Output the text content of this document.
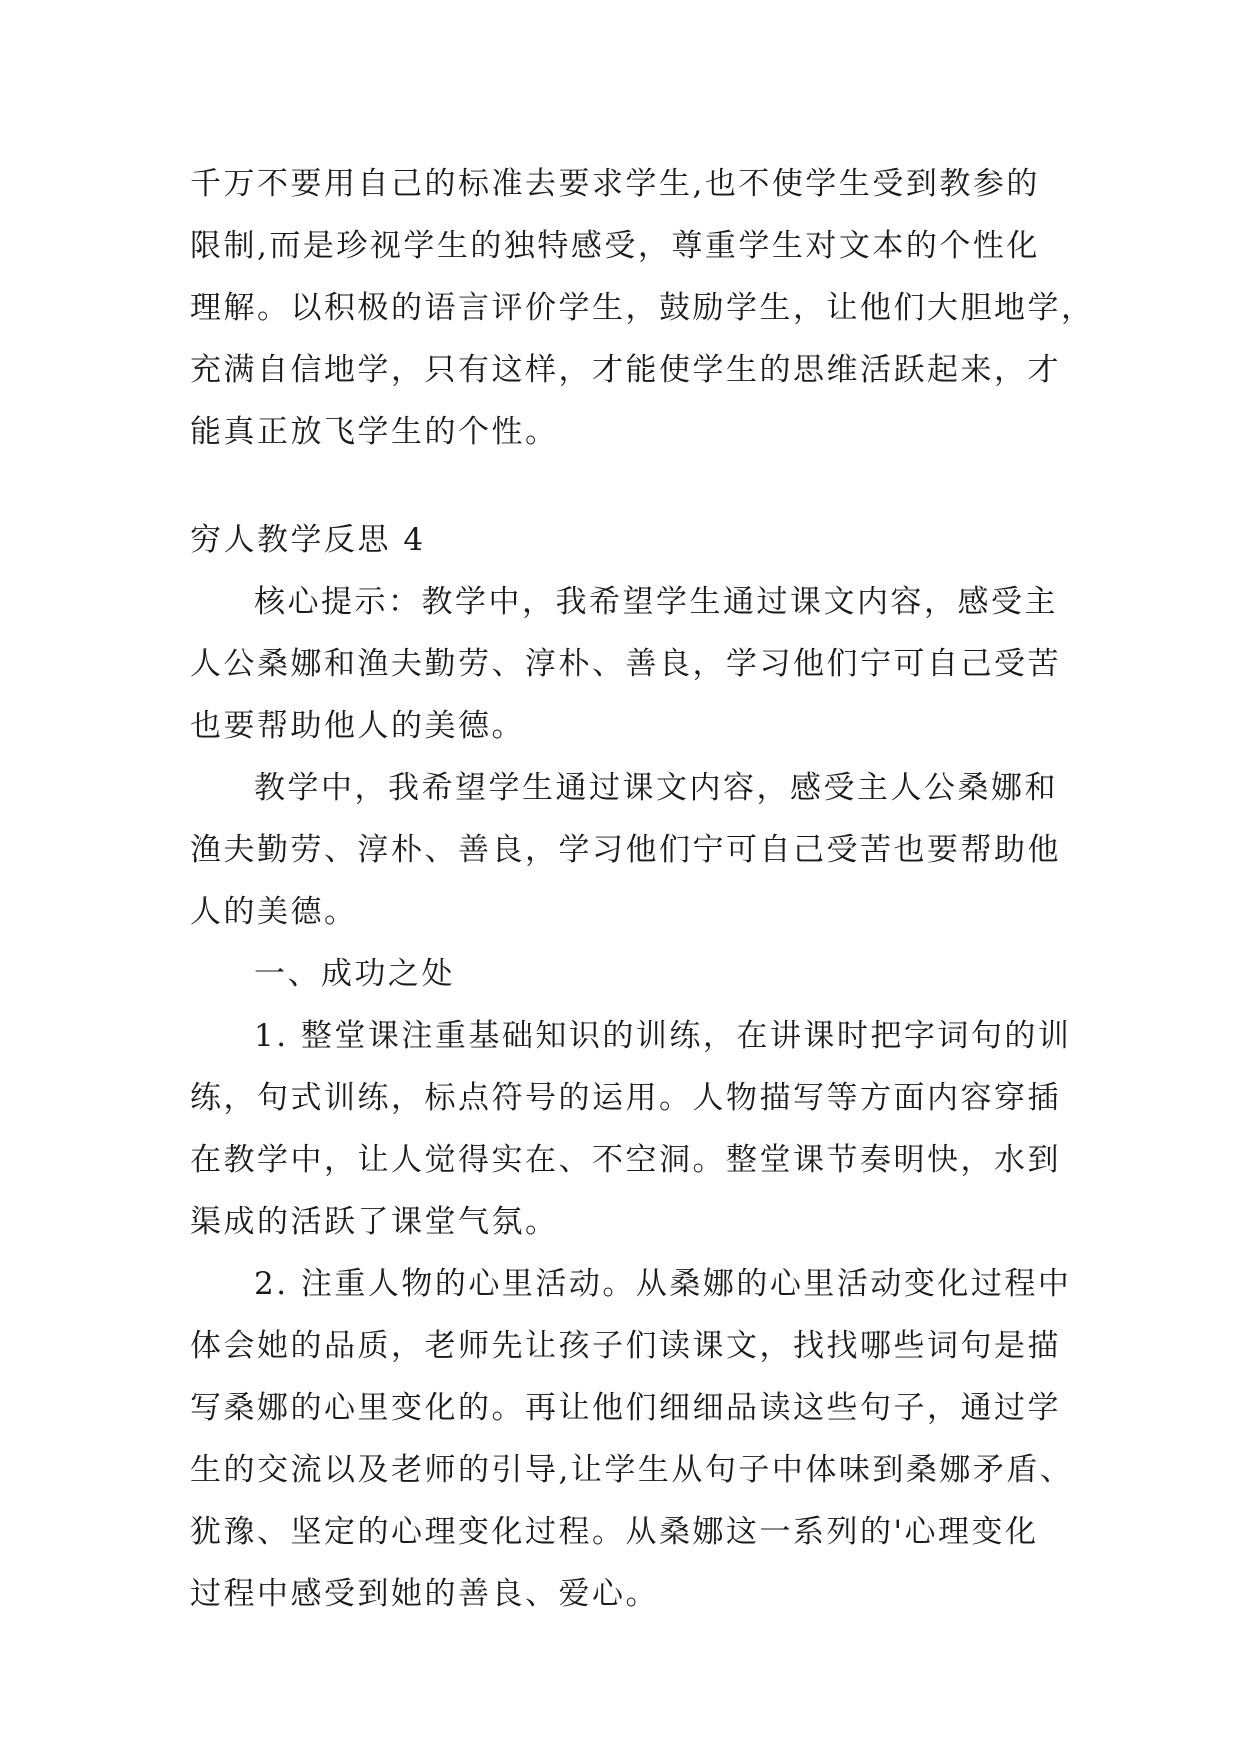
千万不要用自己的标准去要求学生,也不使学生受到教参的
限制,而是珍视学生的独特感受，尊重学生对文本的个性化
理解。以积极的语言评价学生，鼓励学生，让他们大胆地学，
充满自信地学，只有这样，才能使学生的思维活跃起来，才
能真正放飞学生的个性。
穷人教学反思 4
核心提示：教学中，我希望学生通过课文内容，感受主
人公桑娜和渔夫勤劳、淳朴、善良，学习他们宁可自己受苦
也要帮助他人的美德。
教学中，我希望学生通过课文内容，感受主人公桑娜和
渔夫勤劳、淳朴、善良，学习他们宁可自己受苦也要帮助他
人的美德。
一、成功之处
1. 整堂课注重基础知识的训练，在讲课时把字词句的训
练，句式训练，标点符号的运用。人物描写等方面内容穿插
在教学中，让人觉得实在、不空洞。整堂课节奏明快，水到
渠成的活跃了课堂气氛。
2. 注重人物的心里活动。从桑娜的心里活动变化过程中
体会她的品质，老师先让孩子们读课文，找找哪些词句是描
写桑娜的心里变化的。再让他们细细品读这些句子，通过学
生的交流以及老师的引导,让学生从句子中体味到桑娜矛盾、
犹豫、坚定的心理变化过程。从桑娜这一系列的'心理变化
过程中感受到她的善良、爱心。
